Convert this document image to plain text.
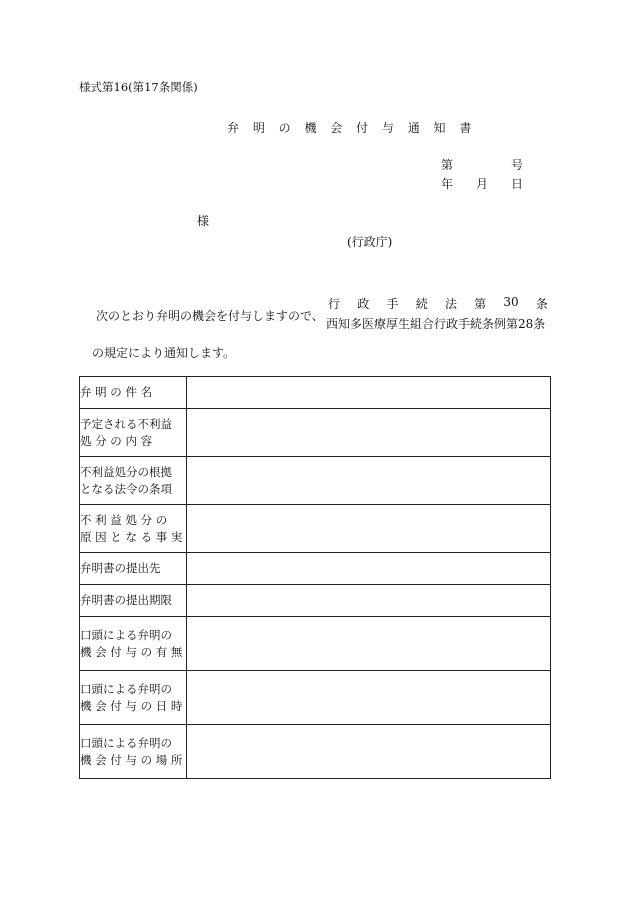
様式第16(第17条関係)
弁 明 の 機 会 付 与 通 知 書
第	号
年 月 日
様
(行政庁)
次のとおり弁明の機会を付与しますので、
行 政 手 続 法 第 30 条
西知多医療厚生組合行政手続条例第28条
の規定により通知します。
弁 明 の 件 名	

予定される不利益
処 分 の 内 容	

不利益処分の根拠
となる法令の条項	

不 利 益 処 分 の
原 因 と な る 事 実	

弁明書の提出先	

弁明書の提出期限	

口頭による弁明の
機 会 付 与 の 有 無	

口頭による弁明の
機 会 付 与 の 日 時	

口頭による弁明の
機 会 付 与 の 場 所	
